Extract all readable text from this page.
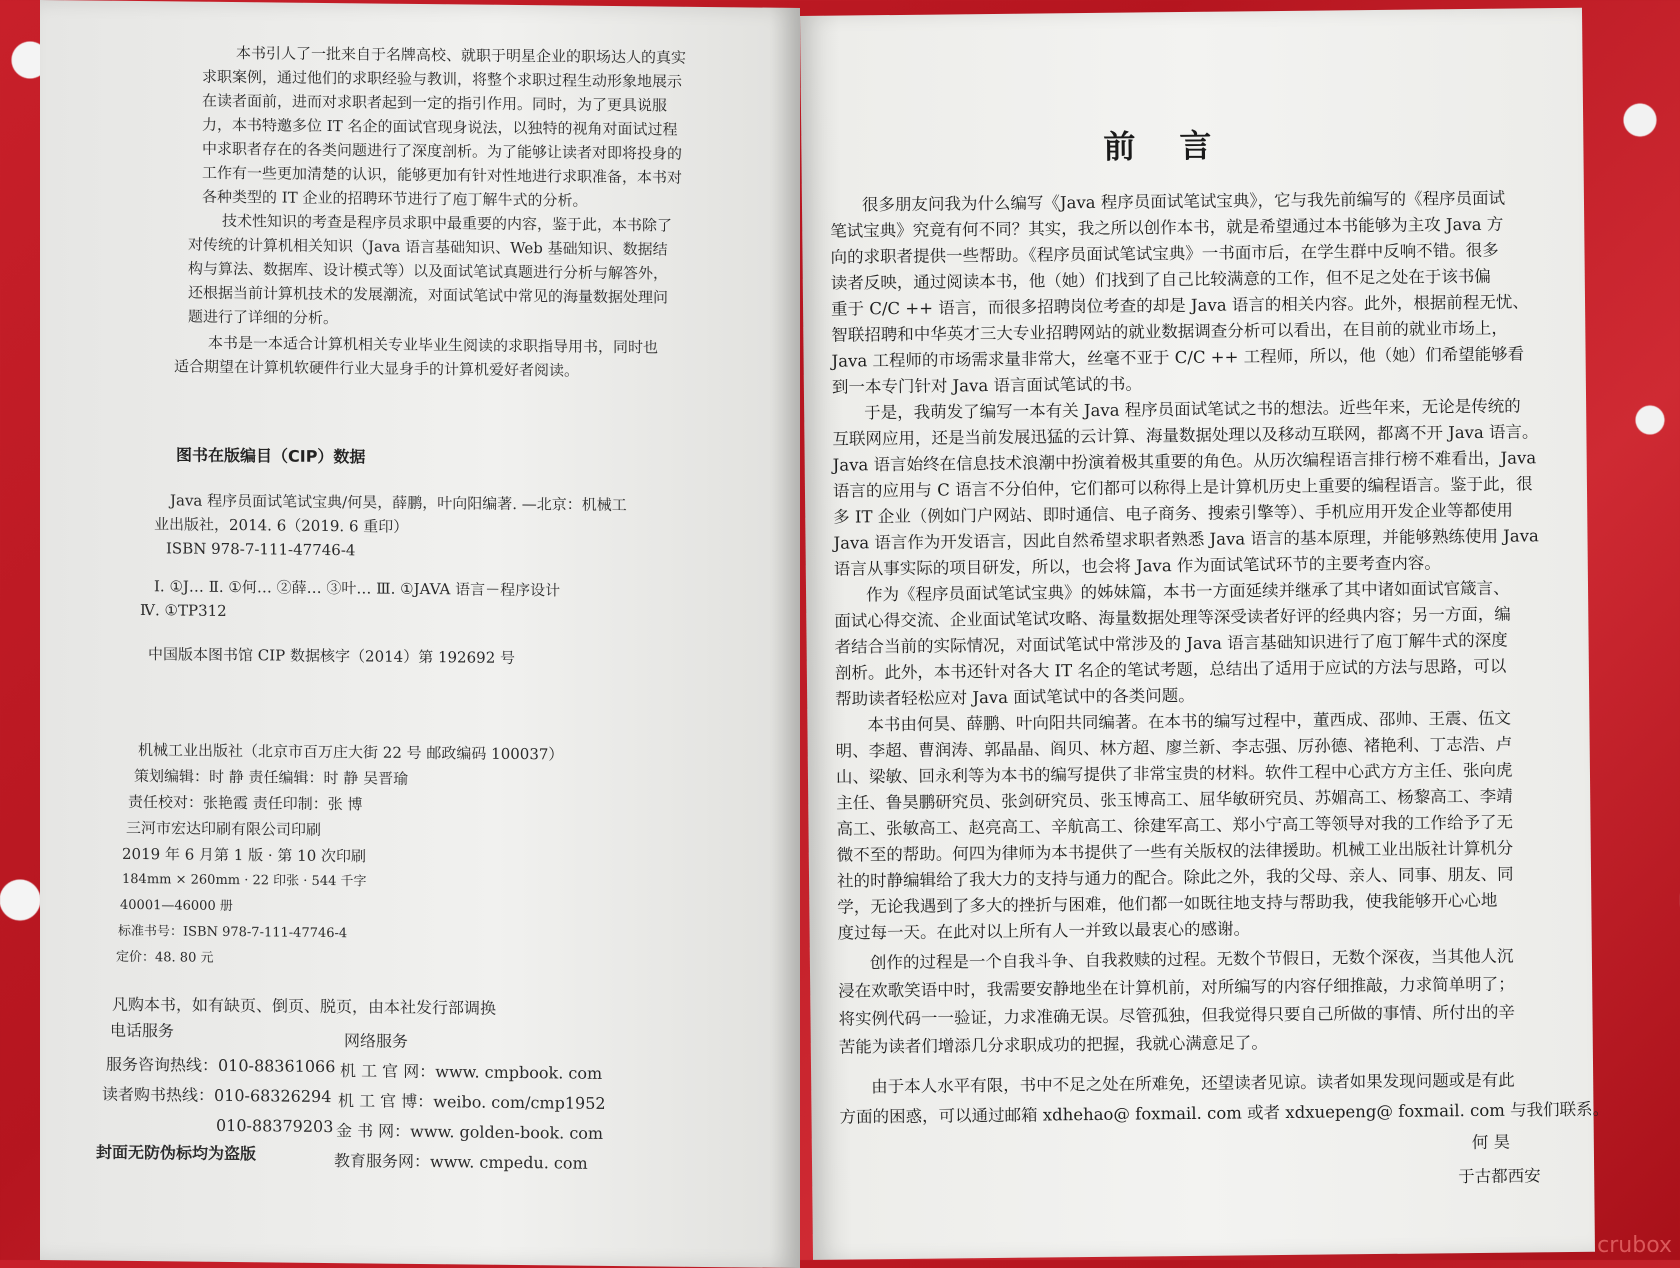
本书引人了一批来自于名牌高校、就职于明星企业的职场达人的真实
求职案例，通过他们的求职经验与教训，将整个求职过程生动形象地展示
在读者面前，进而对求职者起到一定的指引作用。同时，为了更具说服
力，本书特邀多位 IT 名企的面试官现身说法，以独特的视角对面试过程
中求职者存在的各类问题进行了深度剖析。为了能够让读者对即将投身的
工作有一些更加清楚的认识，能够更加有针对性地进行求职准备，本书对
各种类型的 IT 企业的招聘环节进行了庖丁解牛式的分析。
技术性知识的考查是程序员求职中最重要的内容，鉴于此，本书除了
对传统的计算机相关知识（Java 语言基础知识、Web 基础知识、数据结
构与算法、数据库、设计模式等）以及面试笔试真题进行分析与解答外，
还根据当前计算机技术的发展潮流，对面试笔试中常见的海量数据处理问
题进行了详细的分析。
本书是一本适合计算机相关专业毕业生阅读的求职指导用书，同时也
适合期望在计算机软硬件行业大显身手的计算机爱好者阅读。
图书在版编目（CIP）数据
Java 程序员面试笔试宝典/何昊，薛鹏，叶向阳编著. —北京：机械工
业出版社，2014. 6（2019. 6 重印）
ISBN 978-7-111-47746-4
Ⅰ. ①J… Ⅱ. ①何… ②薛… ③叶… Ⅲ. ①JAVA 语言－程序设计
Ⅳ. ①TP312
中国版本图书馆 CIP 数据核字（2014）第 192692 号
机械工业出版社（北京市百万庄大街 22 号 邮政编码 100037）
策划编辑：时 静 责任编辑：时 静 吴晋瑜
责任校对：张艳霞 责任印制：张 博
三河市宏达印刷有限公司印刷
2019 年 6 月第 1 版 · 第 10 次印刷
184mm × 260mm · 22 印张 · 544 千字
40001—46000 册
标准书号：ISBN 978-7-111-47746-4
定价：48. 80 元
凡购本书，如有缺页、倒页、脱页，由本社发行部调换
电话服务
网络服务
服务咨询热线：010-88361066 机 工 官 网：www. cmpbook. com
读者购书热线：010-68326294 机 工 官 博：weibo. com/cmp1952
010-88379203 金 书 网：www. golden-book. com
封面无防伪标均为盗版	教育服务网：www. cmpedu. com
前言
很多朋友问我为什么编写《Java 程序员面试笔试宝典》，它与我先前编写的《程序员面试
笔试宝典》究竟有何不同？其实，我之所以创作本书，就是希望通过本书能够为主攻 Java 方
向的求职者提供一些帮助。《程序员面试笔试宝典》一书面市后，在学生群中反响不错。很多
读者反映，通过阅读本书，他（她）们找到了自己比较满意的工作，但不足之处在于该书偏
重于 C/C ++ 语言，而很多招聘岗位考查的却是 Java 语言的相关内容。此外，根据前程无忧、
智联招聘和中华英才三大专业招聘网站的就业数据调查分析可以看出，在目前的就业市场上，
Java 工程师的市场需求量非常大，丝毫不亚于 C/C ++ 工程师，所以，他（她）们希望能够看
到一本专门针对 Java 语言面试笔试的书。
于是，我萌发了编写一本有关 Java 程序员面试笔试之书的想法。近些年来，无论是传统的
互联网应用，还是当前发展迅猛的云计算、海量数据处理以及移动互联网，都离不开 Java 语言。
Java 语言始终在信息技术浪潮中扮演着极其重要的角色。从历次编程语言排行榜不难看出，Java
语言的应用与 C 语言不分伯仲，它们都可以称得上是计算机历史上重要的编程语言。鉴于此，很
多 IT 企业（例如门户网站、即时通信、电子商务、搜索引擎等）、手机应用开发企业等都使用
Java 语言作为开发语言，因此自然希望求职者熟悉 Java 语言的基本原理，并能够熟练使用 Java
语言从事实际的项目研发，所以，也会将 Java 作为面试笔试环节的主要考查内容。
作为《程序员面试笔试宝典》的姊妹篇，本书一方面延续并继承了其中诸如面试官箴言、
面试心得交流、企业面试笔试攻略、海量数据处理等深受读者好评的经典内容；另一方面，编
者结合当前的实际情况，对面试笔试中常涉及的 Java 语言基础知识进行了庖丁解牛式的深度
剖析。此外，本书还针对各大 IT 名企的笔试考题，总结出了适用于应试的方法与思路，可以
帮助读者轻松应对 Java 面试笔试中的各类问题。
本书由何昊、薛鹏、叶向阳共同编著。在本书的编写过程中，董西成、邵帅、王震、伍文
明、李超、曹润涛、郭晶晶、阎贝、林方超、廖兰新、李志强、厉孙德、褚艳利、丁志浩、卢
山、梁敏、回永利等为本书的编写提供了非常宝贵的材料。软件工程中心武方方主任、张向虎
主任、鲁昊鹏研究员、张剑研究员、张玉博高工、屈华敏研究员、苏媚高工、杨黎高工、李靖
高工、张敏高工、赵亮高工、辛航高工、徐建军高工、郑小宁高工等领导对我的工作给予了无
微不至的帮助。何四为律师为本书提供了一些有关版权的法律援助。机械工业出版社计算机分
社的时静编辑给了我大力的支持与通力的配合。除此之外，我的父母、亲人、同事、朋友、同
学，无论我遇到了多大的挫折与困难，他们都一如既往地支持与帮助我，使我能够开心心地
度过每一天。在此对以上所有人一并致以最衷心的感谢。
创作的过程是一个自我斗争、自我救赎的过程。无数个节假日，无数个深夜，当其他人沉
浸在欢歌笑语中时，我需要安静地坐在计算机前，对所编写的内容仔细推敲，力求简单明了；
将实例代码一一验证，力求准确无误。尽管孤独，但我觉得只要自己所做的事情、所付出的辛
苦能为读者们增添几分求职成功的把握，我就心满意足了。
由于本人水平有限，书中不足之处在所难免，还望读者见谅。读者如果发现问题或是有此
方面的困惑，可以通过邮箱 xdhehao@ foxmail. com 或者 xdxuepeng@ foxmail. com 与我们联系。
何 昊
于古都西安
crubox
